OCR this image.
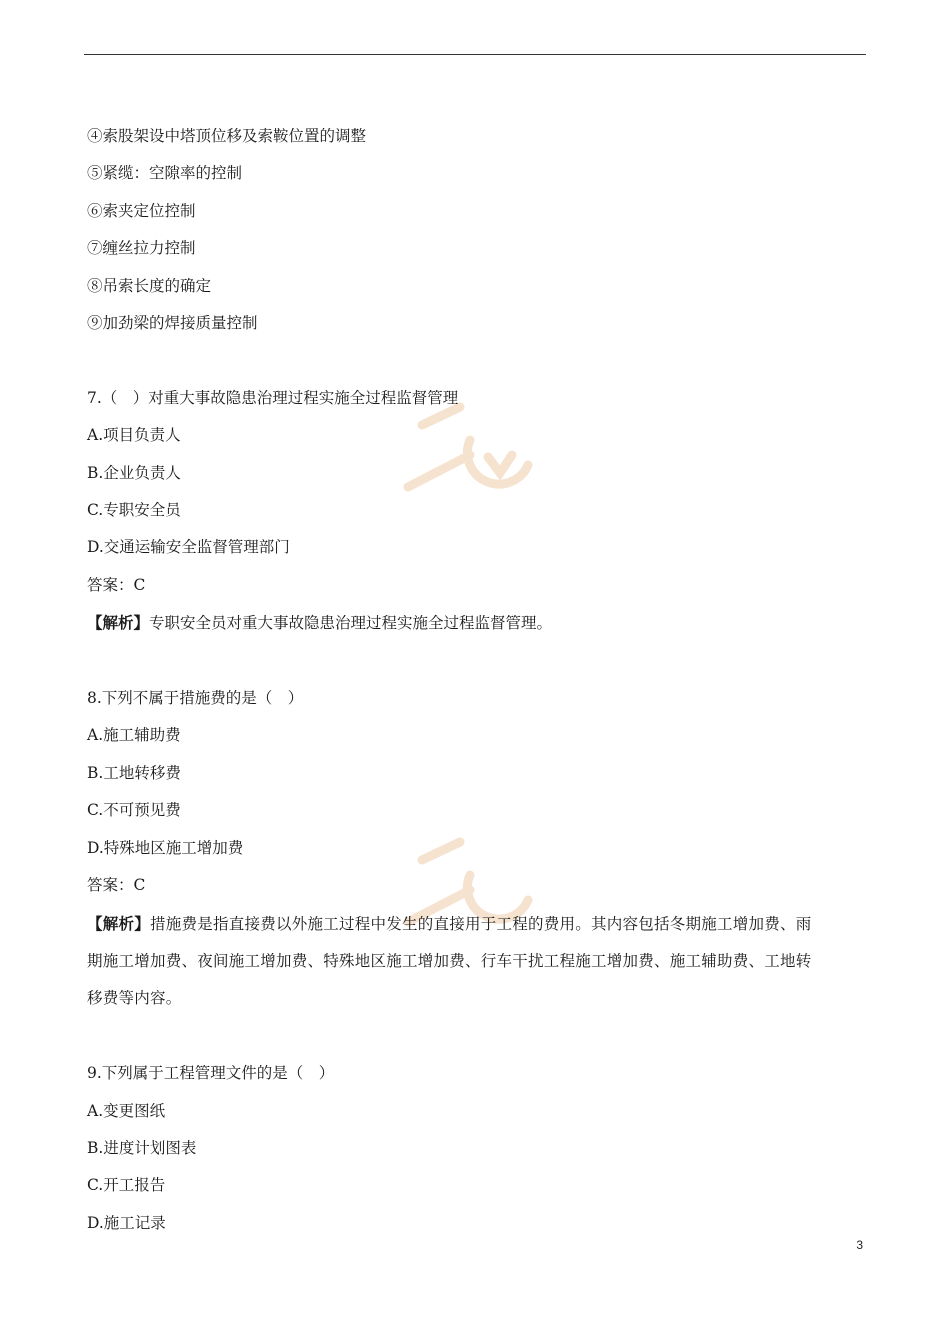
④索股架设中塔顶位移及索鞍位置的调整
⑤紧缆：空隙率的控制
⑥索夹定位控制
⑦缠丝拉力控制
⑧吊索长度的确定
⑨加劲梁的焊接质量控制
7.（　）对重大事故隐患治理过程实施全过程监督管理
A.项目负责人
B.企业负责人
C.专职安全员
D.交通运输安全监督管理部门
答案：C
【解析】专职安全员对重大事故隐患治理过程实施全过程监督管理。
8.下列不属于措施费的是（　）
A.施工辅助费
B.工地转移费
C.不可预见费
D.特殊地区施工增加费
答案：C
【解析】措施费是指直接费以外施工过程中发生的直接用于工程的费用。其内容包括冬期施工增加费、雨
期施工增加费、夜间施工增加费、特殊地区施工增加费、行车干扰工程施工增加费、施工辅助费、工地转
移费等内容。
9.下列属于工程管理文件的是（　）
A.变更图纸
B.进度计划图表
C.开工报告
D.施工记录
3
